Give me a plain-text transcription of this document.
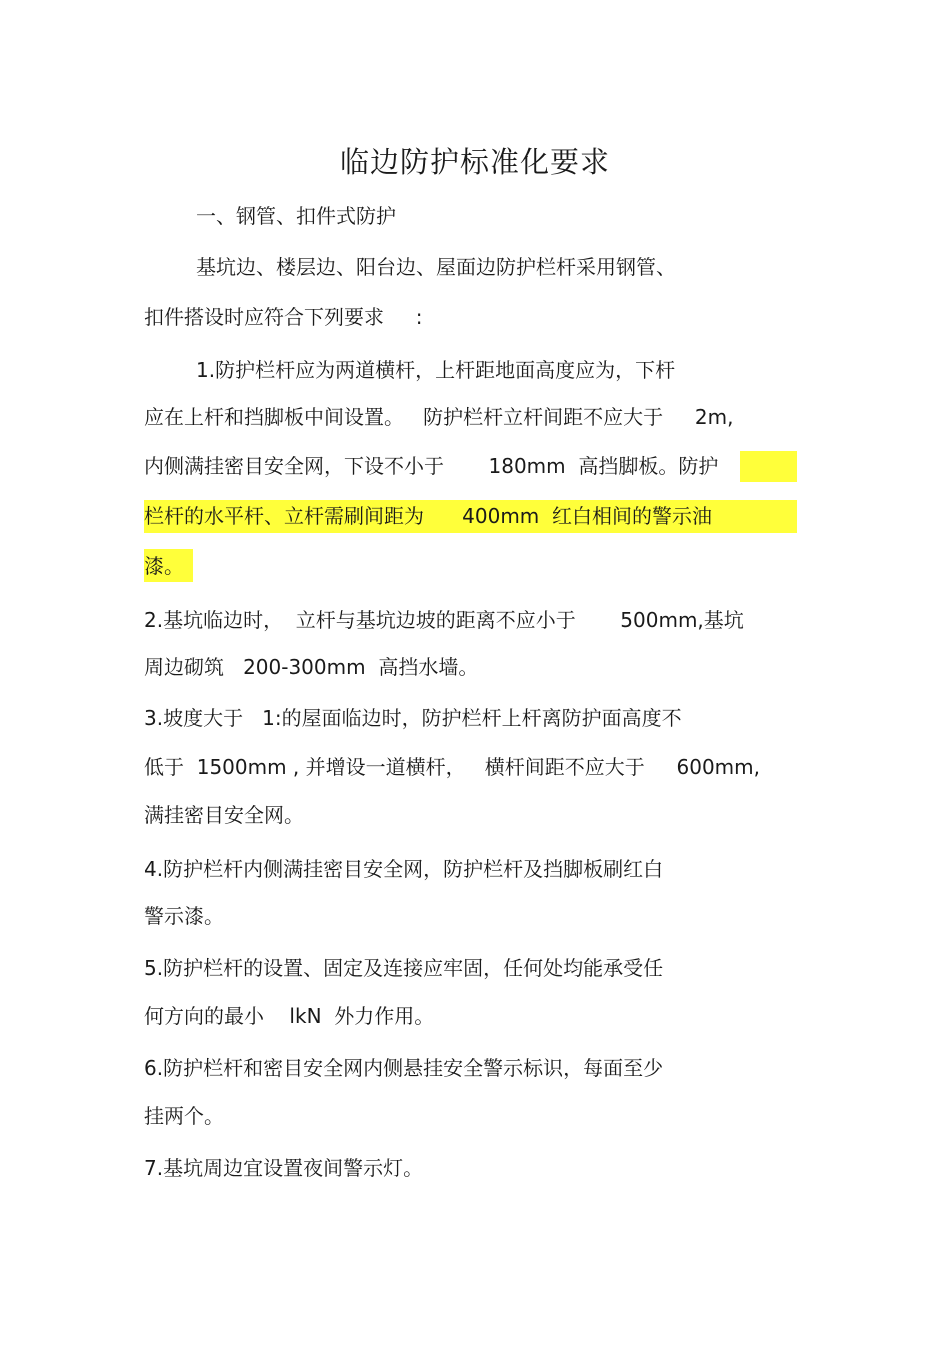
临边防护标准化要求
一、钢管、扣件式防护
基坑边、楼层边、阳台边、屋面边防护栏杆采用钢管、
扣件搭设时应符合下列要求     :
1.防护栏杆应为两道横杆，上杆距地面高度应为，下杆
应在上杆和挡脚板中间设置。   防护栏杆立杆间距不应大于     2m,
内侧满挂密目安全网，下设不小于       180mm  高挡脚板。防护
栏杆的水平杆、立杆需刷间距为      400mm  红白相间的警示油
漆。
2.基坑临边时，  立杆与基坑边坡的距离不应小于       500mm,基坑
周边砌筑   200-300mm  高挡水墙。
3.坡度大于   1:的屋面临边时，防护栏杆上杆离防护面高度不
低于  1500mm , 并增设一道横杆，   横杆间距不应大于     600mm,
满挂密目安全网。
4.防护栏杆内侧满挂密目安全网，防护栏杆及挡脚板刷红白
警示漆。
5.防护栏杆的设置、固定及连接应牢固，任何处均能承受任
何方向的最小    lkN  外力作用。
6.防护栏杆和密目安全网内侧悬挂安全警示标识，每面至少
挂两个。
7.基坑周边宜设置夜间警示灯。
